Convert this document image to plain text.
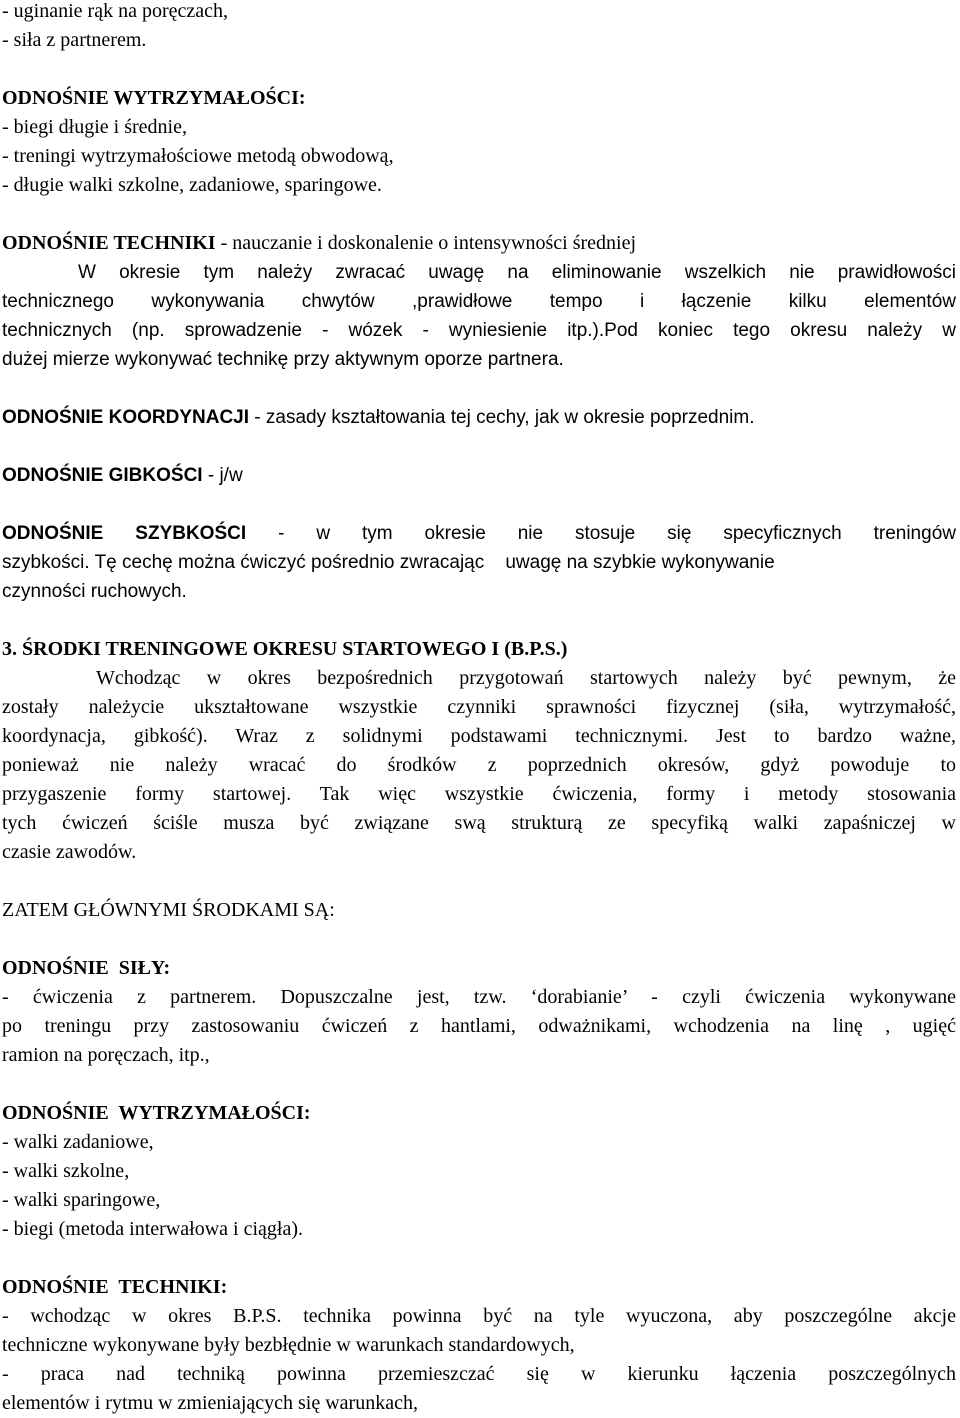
- uginanie rąk na poręczach,

- siła z partnerem.

ODNOŚNIE WYTRZYMAŁOŚCI:

- biegi długie i średnie,

- treningi wytrzymałościowe metodą obwodową,

- długie walki szkolne, zadaniowe, sparingowe.

ODNOŚNIE TECHNIKI - nauczanie i doskonalenie o intensywności średniej

W okresie tym należy zwracać uwagę na eliminowanie wszelkich nie prawidłowości

technicznego wykonywania chwytów ,prawidłowe tempo i łączenie kilku elementów

technicznych (np. sprowadzenie - wózek - wyniesienie itp.).Pod koniec tego okresu należy w

dużej mierze wykonywać technikę przy aktywnym oporze partnera.

ODNOŚNIE KOORDYNACJI - zasady kształtowania tej cechy, jak w okresie poprzednim.

ODNOŚNIE GIBKOŚCI - j/w

ODNOŚNIE SZYBKOŚCI - w tym okresie nie stosuje się specyficznych treningów

szybkości. Tę cechę można ćwiczyć pośrednio zwracając    uwagę na szybkie wykonywanie

czynności ruchowych.

3. ŚRODKI TRENINGOWE OKRESU STARTOWEGO I (B.P.S.)

Wchodząc w okres bezpośrednich przygotowań startowych należy być pewnym, że

zostały należycie ukształtowane wszystkie czynniki sprawności fizycznej (siła, wytrzymałość,

koordynacja, gibkość). Wraz z solidnymi podstawami technicznymi. Jest to bardzo ważne,

ponieważ nie należy wracać do środków z poprzednich okresów, gdyż powoduje to

przygaszenie formy startowej. Tak więc wszystkie ćwiczenia, formy i metody stosowania

tych ćwiczeń ściśle musza być związane swą strukturą ze specyfiką walki zapaśniczej w

czasie zawodów.

ZATEM GŁÓWNYMI ŚRODKAMI SĄ:

ODNOŚNIE  SIŁY:

- ćwiczenia z partnerem. Dopuszczalne jest, tzw. ‘dorabianie’ - czyli ćwiczenia wykonywane

po treningu przy zastosowaniu ćwiczeń z hantlami, odważnikami, wchodzenia na linę , ugięć

ramion na poręczach, itp.,

ODNOŚNIE  WYTRZYMAŁOŚCI:

- walki zadaniowe,

- walki szkolne,

- walki sparingowe,

- biegi (metoda interwałowa i ciągła).

ODNOŚNIE  TECHNIKI:

- wchodząc w okres B.P.S. technika powinna być na tyle wyuczona, aby poszczególne akcje

techniczne wykonywane były bezbłędnie w warunkach standardowych,

- praca nad techniką powinna przemieszczać się w kierunku łączenia poszczególnych

elementów i rytmu w zmieniających się warunkach,
